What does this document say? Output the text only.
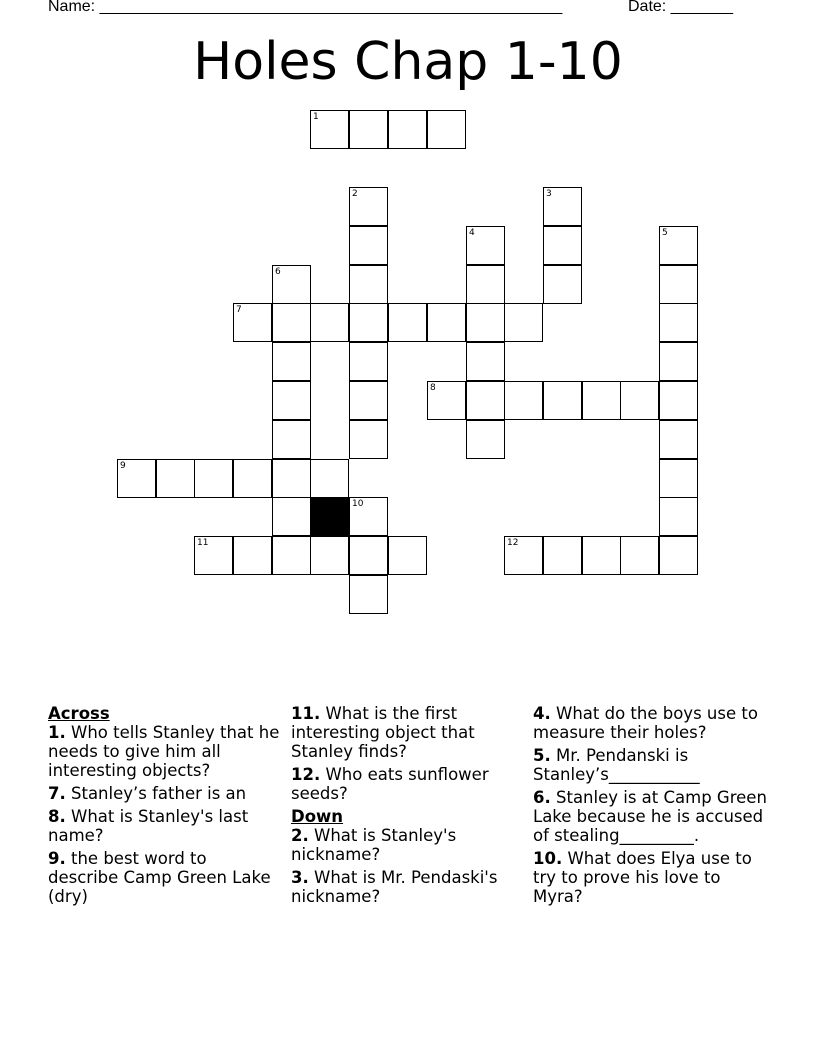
Name: ____________________________________________________	Date: _______
Holes Chap 1-10
1
2	3
4	5
6
7
8
9
10
11	12
Across
1. Who tells Stanley that he needs to give him all interesting objects?
7. Stanley’s father is an
8. What is Stanley's last name?
9. the best word to describe Camp Green Lake (dry)
11. What is the first interesting object that Stanley finds?
12. Who eats sunflower seeds?
Down
2. What is Stanley's nickname?
3. What is Mr. Pendaski's nickname?
4. What do the boys use to measure their holes?
5. Mr. Pendanski is Stanley’s___________
6. Stanley is at Camp Green Lake because he is accused of stealing_________.
10. What does Elya use to try to prove his love to Myra?
